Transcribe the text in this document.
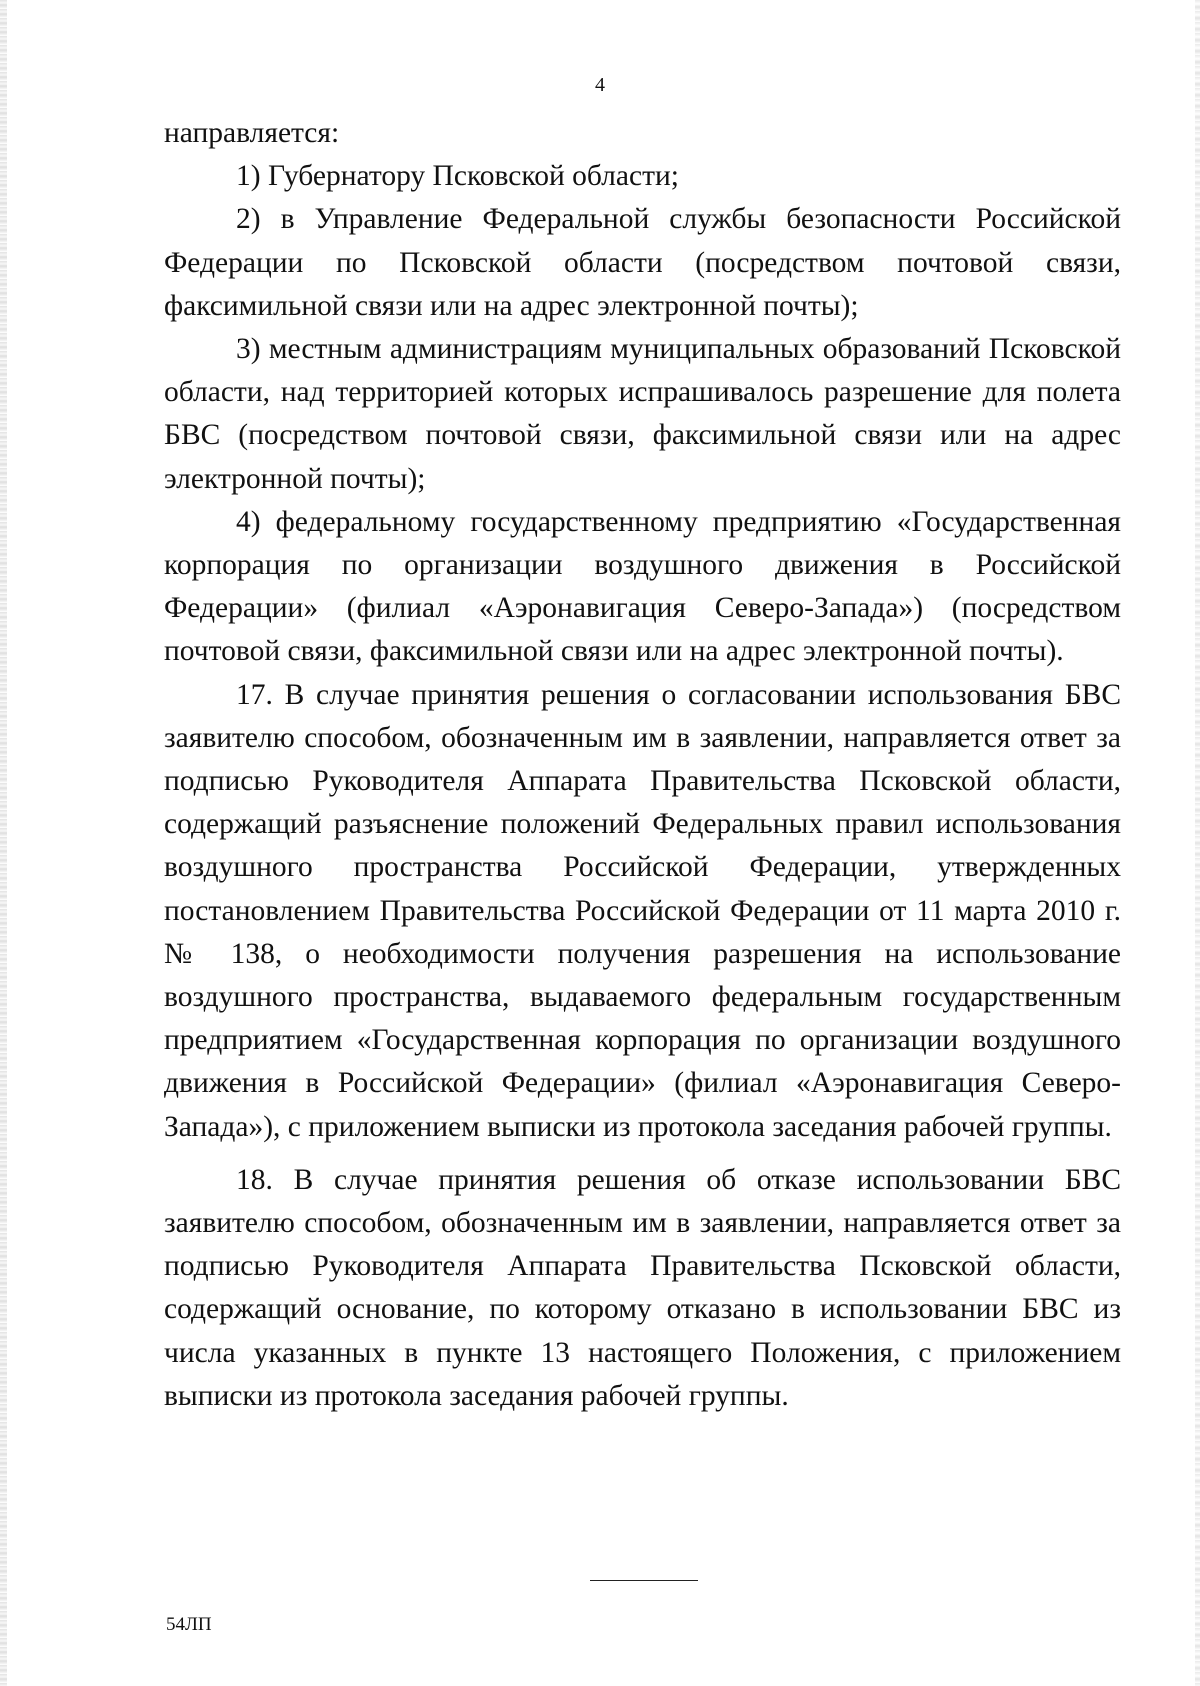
4

направляется:

1) Губернатору Псковской области;

2) в Управление Федеральной службы безопасности Российской Федерации по Псковской области (посредством почтовой связи, факсимильной связи или на адрес электронной почты);

3) местным администрациям муниципальных образований Псковской области, над территорией которых испрашивалось разрешение для полета БВС (посредством почтовой связи, факсимильной связи или на адрес электронной почты);

4) федеральному государственному предприятию «Государственная корпорация по организации воздушного движения в Российской Федерации» (филиал «Аэронавигация Северо-Запада») (посредством почтовой связи, факсимильной связи или на адрес электронной почты).

17. В случае принятия решения о согласовании использования БВС заявителю способом, обозначенным им в заявлении, направляется ответ за подписью Руководителя Аппарата Правительства Псковской области, содержащий разъяснение положений Федеральных правил использования воздушного пространства Российской Федерации, утвержденных постановлением Правительства Российской Федерации от 11 марта 2010 г. № 138, о необходимости получения разрешения на использование воздушного пространства, выдаваемого федеральным государственным предприятием «Государственная корпорация по организации воздушного движения в Российской Федерации» (филиал «Аэронавигация Северо-Запада»), с приложением выписки из протокола заседания рабочей группы.

18. В случае принятия решения об отказе использовании БВС заявителю способом, обозначенным им в заявлении, направляется ответ за подписью Руководителя Аппарата Правительства Псковской области, содержащий основание, по которому отказано в использовании БВС из числа указанных в пункте 13 настоящего Положения, с приложением выписки из протокола заседания рабочей группы.

54ЛП
